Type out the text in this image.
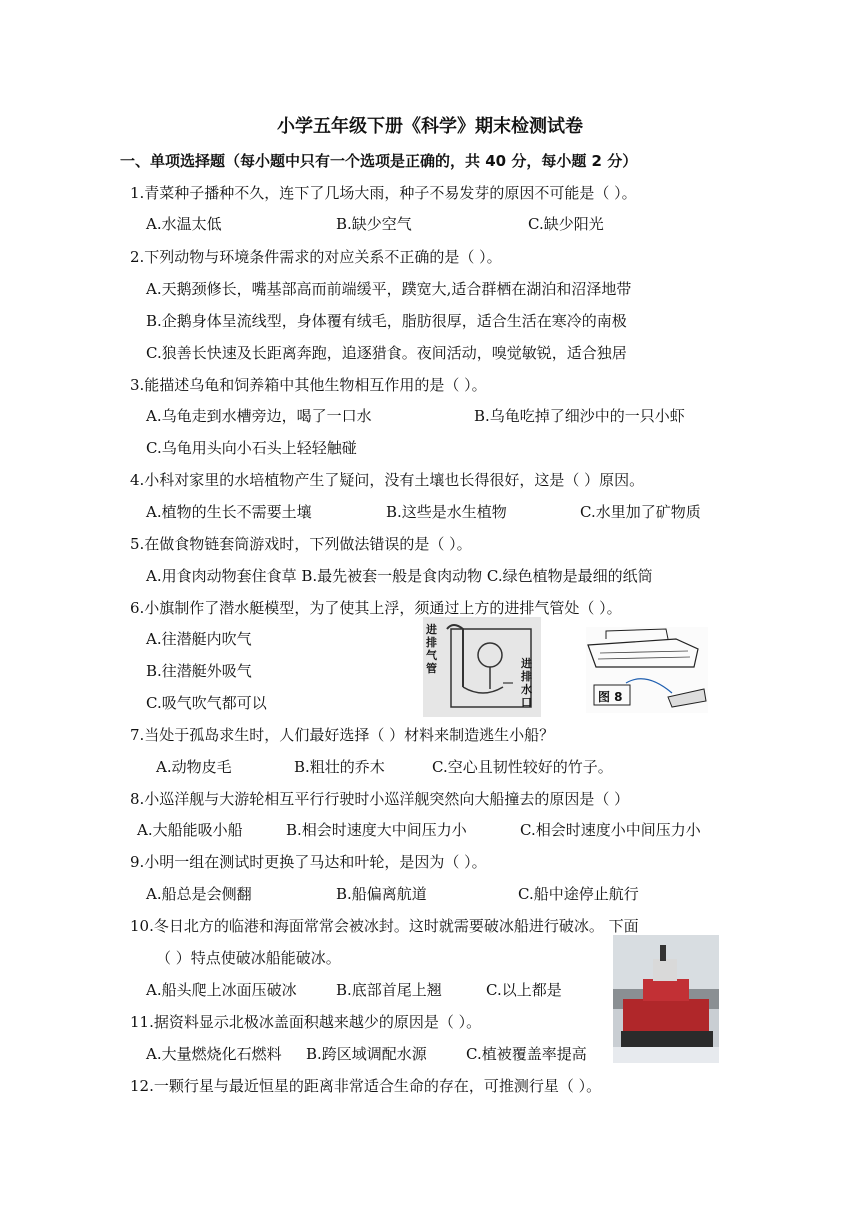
小学五年级下册《科学》期末检测试卷
一、单项选择题（每小题中只有一个选项是正确的，共 40 分，每小题 2 分）
1.青菜种子播种不久，连下了几场大雨，种子不易发芽的原因不可能是（ ）。
A.水温太低	B.缺少空气	C.缺少阳光
2.下列动物与环境条件需求的对应关系不正确的是（ ）。
A.天鹅颈修长，嘴基部高而前端缓平，蹼宽大,适合群栖在湖泊和沼泽地带
B.企鹅身体呈流线型，身体覆有绒毛，脂肪很厚，适合生活在寒冷的南极
C.狼善长快速及长距离奔跑，追逐猎食。夜间活动，嗅觉敏锐，适合独居
3.能描述乌龟和饲养箱中其他生物相互作用的是（ ）。
A.乌龟走到水槽旁边，喝了一口水	B.乌龟吃掉了细沙中的一只小虾
C.乌龟用头向小石头上轻轻触碰
4.小科对家里的水培植物产生了疑问，没有土壤也长得很好，这是（ ）原因。
A.植物的生长不需要土壤	B.这些是水生植物	C.水里加了矿物质
5.在做食物链套筒游戏时，下列做法错误的是（ ）。
A.用食肉动物套住食草 B.最先被套一般是食肉动物 C.绿色植物是最细的纸筒
6.小旗制作了潜水艇模型，为了使其上浮，须通过上方的进排气管处（ ）。
A.往潜艇内吹气
B.往潜艇外吸气
C.吸气吹气都可以
进排气管	进排水口	图 8
7.当处于孤岛求生时，人们最好选择（ ）材料来制造逃生小船？
A.动物皮毛	B.粗壮的乔木	C.空心且韧性较好的竹子。
8.小巡洋舰与大游轮相互平行行驶时小巡洋舰突然向大船撞去的原因是（ ）
A.大船能吸小船	B.相会时速度大中间压力小	C.相会时速度小中间压力小
9.小明一组在测试时更换了马达和叶轮，是因为（ ）。
A.船总是会侧翻	B.船偏离航道	C.船中途停止航行
10.冬日北方的临港和海面常常会被冰封。这时就需要破冰船进行破冰。 下面
（ ）特点使破冰船能破冰。
A.船头爬上冰面压破冰	B.底部首尾上翘	C.以上都是
11.据资料显示北极冰盖面积越来越少的原因是（ ）。
A.大量燃烧化石燃料 B.跨区域调配水源	C.植被覆盖率提高
12.一颗行星与最近恒星的距离非常适合生命的存在，可推测行星（ ）。
